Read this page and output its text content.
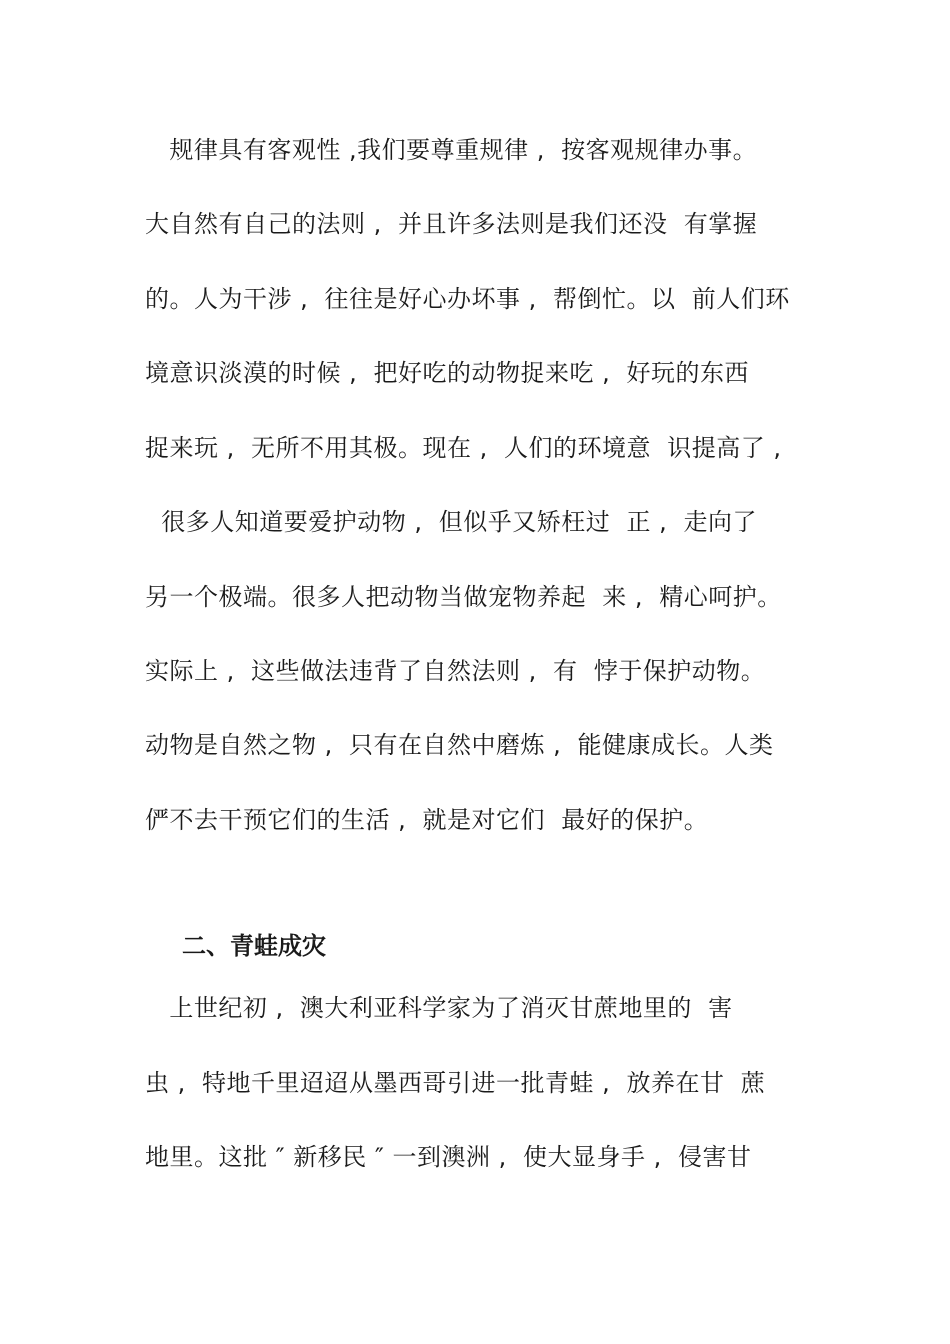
规律具有客观性 ,我们要尊重规律 ,  按客观规律办事。
大自然有自己的法则 ,  并且许多法则是我们还没  有掌握
的。人为干涉 ,  往往是好心办坏事 ,  帮倒忙。以  前人们环
境意识淡漠的时候 ,  把好吃的动物捉来吃 ,  好玩的东西
捉来玩 ,  无所不用其极。现在 ,  人们的环境意  识提高了 ,
很多人知道要爱护动物 ,  但似乎又矫枉过  正 ,  走向了
另一个极端。很多人把动物当做宠物养起  来 ,  精心呵护。
实际上 ,  这些做法违背了自然法则 ,  有  悖于保护动物。
动物是自然之物 ,  只有在自然中磨炼 ,  能健康成长。人类
俨不去干预它们的生活 ,  就是对它们  最好的保护。
二、青蛙成灾
上世纪初 ,  澳大利亚科学家为了消灭甘蔗地里的  害
虫 ,  特地千里迢迢从墨西哥引进一批青蛙 ,  放养在甘  蔗
地里。这批 ″ 新移民 ″ 一到澳洲 ,  使大显身手 ,  侵害甘
